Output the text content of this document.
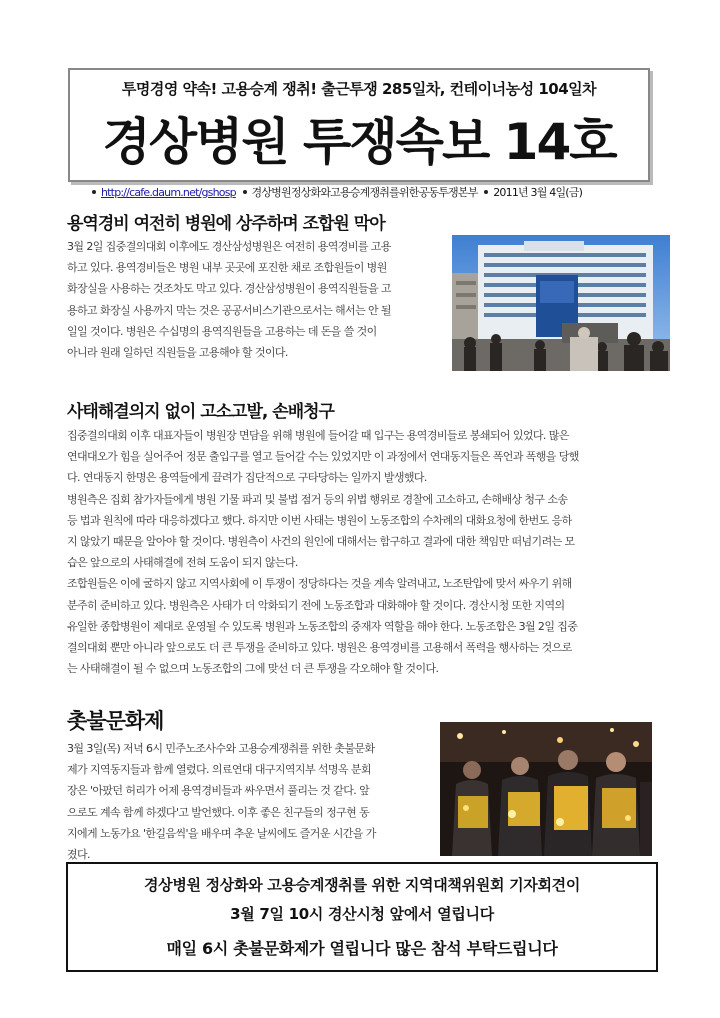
투명경영 약속! 고용승계 쟁취! 출근투쟁 285일차, 컨테이너농성 104일차
경상병원 투쟁속보 14호
http://cafe.daum.net/gshosp 경상병원정상화와고용승계쟁취를위한공동투쟁본부 2011년 3월 4일(금)
용역경비 여전히 병원에 상주하며 조합원 막아

3월 2일 집중결의대회 이후에도 경산삼성병원은 여전히 용역경비를 고용

하고 있다. 용역경비들은 병원 내부 곳곳에 포진한 채로 조합원들이 병원

화장실을 사용하는 것조차도 막고 있다. 경산삼성병원이 용역직원들을 고

용하고 화장실 사용까지 막는 것은 공공서비스기관으로서는 해서는 안 될

일일 것이다. 병원은 수십명의 용역직원들을 고용하는 데 돈을 쓸 것이

아니라 원래 일하던 직원들을 고용해야 할 것이다.

사태해결의지 없이 고소고발, 손배청구

집중결의대회 이후 대표자들이 병원장 면담을 위해 병원에 들어갈 때 입구는 용역경비들로 봉쇄되어 있었다. 많은

연대대오가 힘을 실어주어 정문 출입구를 열고 들어갈 수는 있었지만 이 과정에서 연대동지들은 폭언과 폭행을 당했

다. 연대동지 한명은 용역들에게 끌려가 집단적으로 구타당하는 일까지 발생했다.

병원측은 집회 참가자들에게 병원 기물 파괴 및 불법 점거 등의 위법 행위로 경찰에 고소하고, 손해배상 청구 소송

등 법과 원칙에 따라 대응하겠다고 했다. 하지만 이번 사태는 병원이 노동조합의 수차례의 대화요청에 한번도 응하

지 않았기 때문을 알아야 할 것이다. 병원측이 사건의 원인에 대해서는 함구하고 결과에 대한 책임만 떠넘기려는 모

습은 앞으로의 사태해결에 전혀 도움이 되지 않는다.

조합원들은 이에 굴하지 않고 지역사회에 이 투쟁이 정당하다는 것을 계속 알려내고, 노조탄압에 맞서 싸우기 위해

분주히 준비하고 있다. 병원측은 사태가 더 악화되기 전에 노동조합과 대화해야 할 것이다. 경산시청 또한 지역의

유일한 종합병원이 제대로 운영될 수 있도록 병원과 노동조합의 중재자 역할을 해야 한다. 노동조합은 3월 2일 집중

결의대회 뿐만 아니라 앞으로도 더 큰 투쟁을 준비하고 있다. 병원은 용역경비를 고용해서 폭력을 행사하는 것으로

는 사태해결이 될 수 없으며 노동조합의 그에 맞선 더 큰 투쟁을 각오해야 할 것이다.

촛불문화제

3월 3일(목) 저녁 6시 민주노조사수와 고용승계쟁취를 위한 촛불문화

제가 지역동지들과 함께 열렸다. 의료연대 대구지역지부 석명옥 분회

장은 '아팠던 허리가 어제 용역경비들과 싸우면서 풀리는 것 같다. 앞

으로도 계속 함께 하겠다'고 발언했다. 이후 좋은 친구들의 정구현 동

지에게 노동가요 '한길음씩'을 배우며 추운 날씨에도 즐거운 시간을 가

졌다.

경상병원 정상화와 고용승계쟁취를 위한 지역대책위원회 기자회견이
3월 7일 10시 경산시청 앞에서 열립니다
매일 6시 촛불문화제가 열립니다 많은 참석 부탁드립니다
